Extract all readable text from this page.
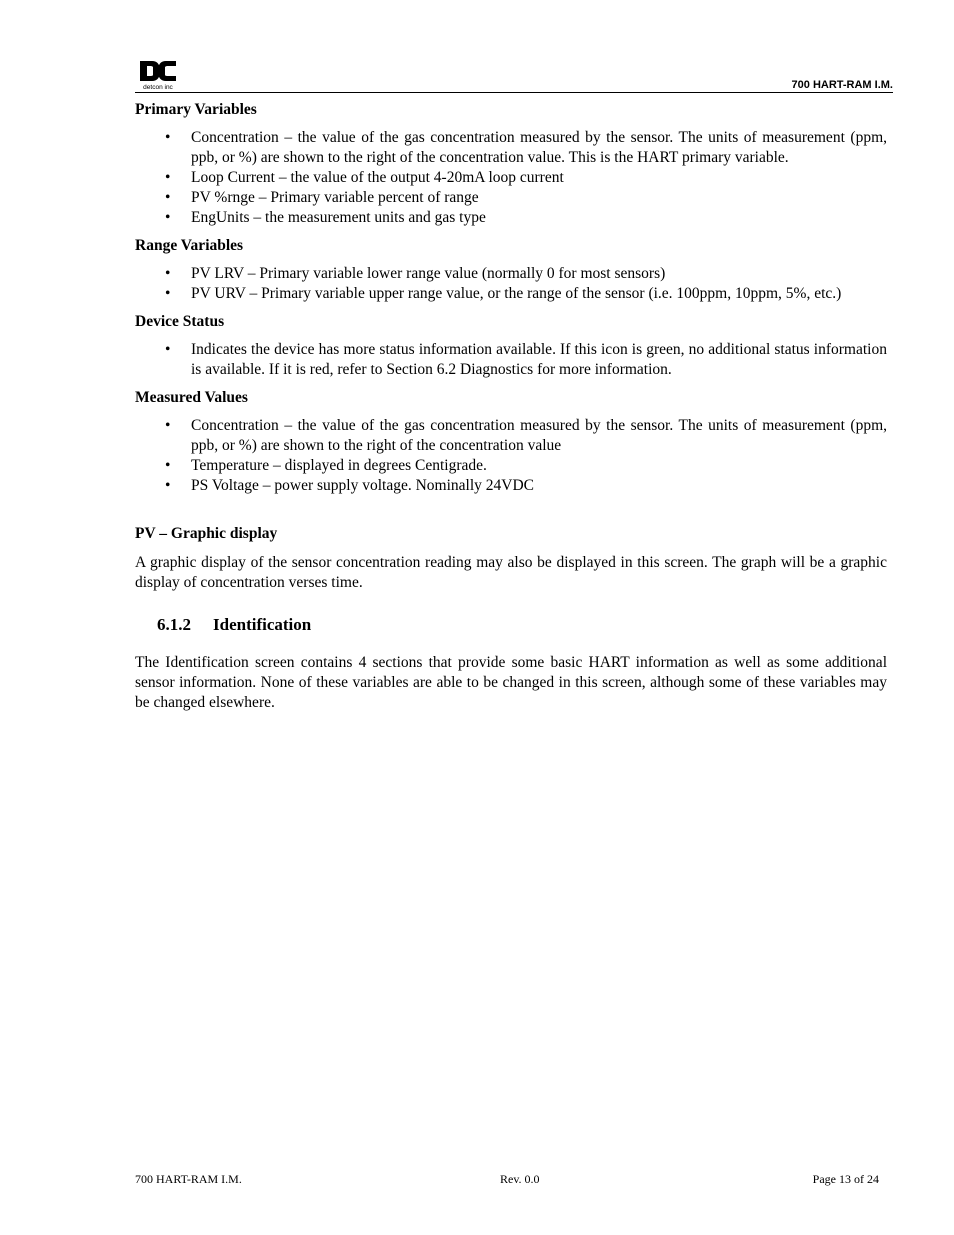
detcon inc	700 HART-RAM I.M.

Primary Variables

• Concentration – the value of the gas concentration measured by the sensor. The units of measurement (ppm, ppb, or %) are shown to the right of the concentration value. This is the HART primary variable.
• Loop Current – the value of the output 4-20mA loop current
• PV %rnge – Primary variable percent of range
• EngUnits – the measurement units and gas type

Range Variables

• PV LRV – Primary variable lower range value (normally 0 for most sensors)
• PV URV – Primary variable upper range value, or the range of the sensor (i.e. 100ppm, 10ppm, 5%, etc.)

Device Status

• Indicates the device has more status information available. If this icon is green, no additional status information is available. If it is red, refer to Section 6.2 Diagnostics for more information.

Measured Values

• Concentration – the value of the gas concentration measured by the sensor. The units of measurement (ppm, ppb, or %) are shown to the right of the concentration value
• Temperature – displayed in degrees Centigrade.
• PS Voltage – power supply voltage. Nominally 24VDC

PV – Graphic display

A graphic display of the sensor concentration reading may also be displayed in this screen. The graph will be a graphic display of concentration verses time.

6.1.2 Identification

The Identification screen contains 4 sections that provide some basic HART information as well as some additional sensor information. None of these variables are able to be changed in this screen, although some of these variables may be changed elsewhere.

700 HART-RAM I.M.	Rev. 0.0	Page 13 of 24
